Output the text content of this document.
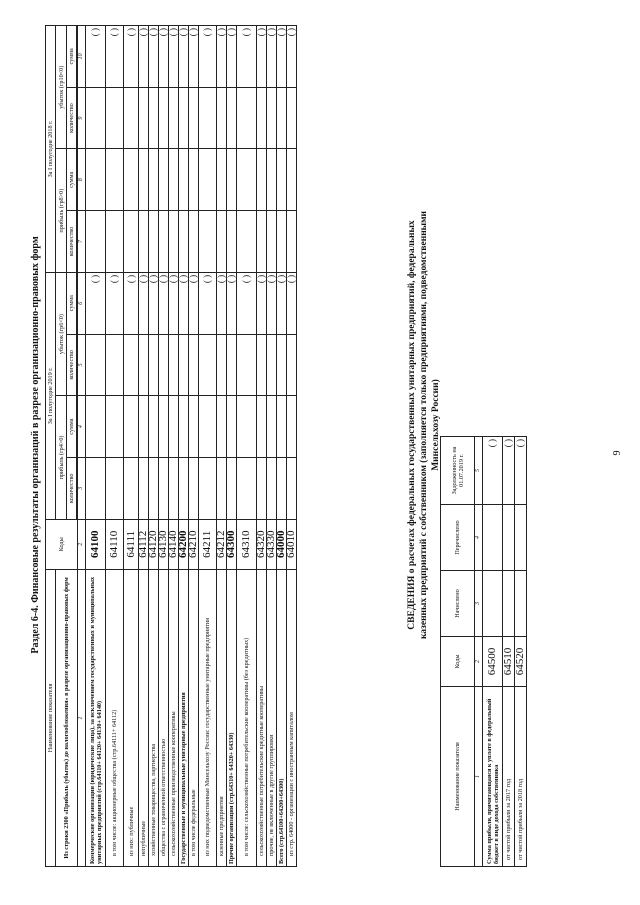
9
Раздел 6-4. Финансовые результаты организаций в разрезе организационно-правовых форм
Наименование показателя	Коды	За I полугодие 2019 г.				За I полугодие 2018 г.			
Из строки 2300 «Прибыль (убыток) до налогообложения» в разрезе организационно-правовых форм		прибыль (гр4>0)		убыток (гр6<0)		прибыль (гр8>0)		убыток (гр10<0)	
		количество	сумма	количество	сумма	количество	сумма	количество	сумма

1	2	3	4	5	6	7	8	9	10
Коммерческие организации (юридические лица), за исключением государственных и муниципальных унитарных предприятий (стр.64110+ 64120+ 64130+ 64140)	64100				( )				( )
в том числе: акционерные общества (стр.64111+ 64112)	64110				( )				( )
из них: публичные	64111				( )				( )
непубличные	64112				( )				( )
хозяйственные товарищества, партнерства	64120				( )				( )
общества с ограниченной ответственностью	64130				( )				( )
сельскохозяйственные производственные кооперативы	64140				( )				( )
Государственные и муниципальные унитарные предприятия	64200				( )				( )
в том числе федеральные	64210				( )				( )
из них подведомственные Минсельхозу России: государственные унитарные предприятия	64211				( )				( )
казенные предприятия	64212				( )				( )
Прочие организации (стр.64310+ 64320+ 64330)	64300				( )				( )
в том числе: сельскохозяйственные потребительские кооперативы (без кредитных)	64310				( )				( )
сельскохозяйственные потребительские кредитные кооперативы	64320				( )				( )
прочие, не включенные в другие группировки	64330				( )				( )
Всего (стр.64100+64200+64300)	64000				( )				( )
из стр. 64000 - организации с иностранным капиталом	64010				( )				( )
СВЕДЕНИЯ о расчетах федеральных государственных унитарных предприятий, федеральных казенных предприятий с собственником (заполняется только предприятиями, подведомственными Минсельхозу России)
Наименование показателя	Коды	Начислено	Перечислено	Задолженность на 01.07.2019 г.
1	2	3	4	5
Сумма прибыли, причитающаяся к уплате в федеральный бюджет в виде дохода собственника	64500			( )
от чистой прибыли за 2017 год	64510			( )
от чистой прибыли за 2018 год	64520			( )
